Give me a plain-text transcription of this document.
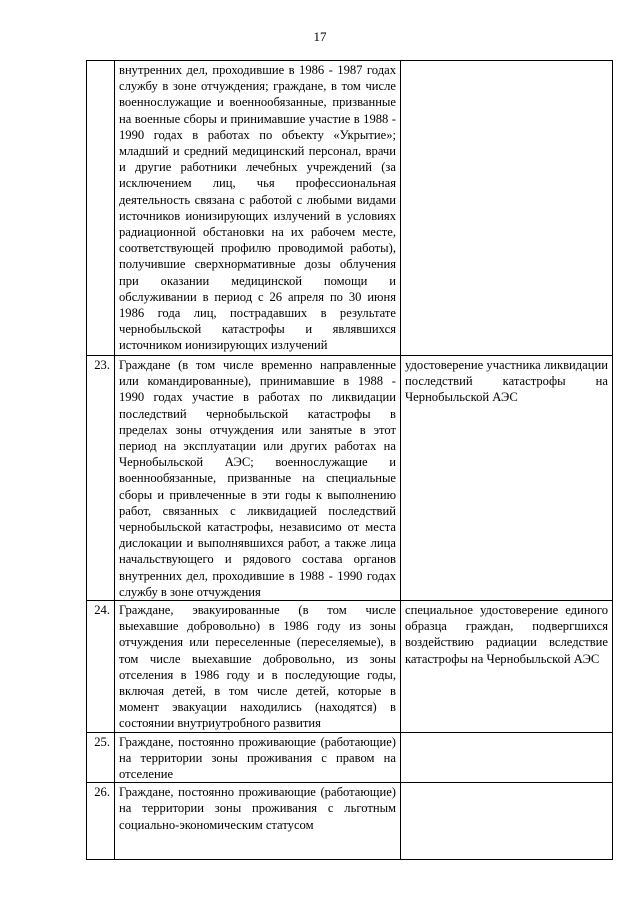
17
	внутренних дел, проходившие в 1986 - 1987 годах службу в зоне отчуждения; граждане, в том числе военнослужащие и военнообязанные, призванные на военные сборы и принимавшие участие в 1988 - 1990 годах в работах по объекту «Укрытие»; младший и средний медицинский персонал, врачи и другие работники лечебных учреждений (за исключением лиц, чья профессиональная деятельность связана с работой с любыми видами источников ионизирующих излучений в условиях радиационной обстановки на их рабочем месте, соответствующей профилю проводимой работы), получившие сверхнормативные дозы облучения при оказании медицинской помощи и обслуживании в период с 26 апреля по 30 июня 1986 года лиц, пострадавших в результате чернобыльской катастрофы и являвшихся источником ионизирующих излучений	
23.	Граждане (в том числе временно направленные или командированные), принимавшие в 1988 - 1990 годах участие в работах по ликвидации последствий чернобыльской катастрофы в пределах зоны отчуждения или занятые в этот период на эксплуатации или других работах на Чернобыльской АЭС; военнослужащие и военнообязанные, призванные на специальные сборы и привлеченные в эти годы к выполнению работ, связанных с ликвидацией последствий чернобыльской катастрофы, независимо от места дислокации и выполнявшихся работ, а также лица начальствующего и рядового состава органов внутренних дел, проходившие в 1988 - 1990 годах службу в зоне отчуждения	удостоверение участника ликвидации последствий катастрофы на Чернобыльской АЭС
24.	Граждане, эвакуированные (в том числе выехавшие добровольно) в 1986 году из зоны отчуждения или переселенные (переселяемые), в том числе выехавшие добровольно, из зоны отселения в 1986 году и в последующие годы, включая детей, в том числе детей, которые в момент эвакуации находились (находятся) в состоянии внутриутробного развития	специальное удостоверение единого образца граждан, подвергшихся воздействию радиации вследствие катастрофы на Чернобыльской АЭС
25.	Граждане, постоянно проживающие (работающие) на территории зоны проживания с правом на отселение	
26.	Граждане, постоянно проживающие (работающие) на территории зоны проживания с льготным социально-экономическим статусом	
